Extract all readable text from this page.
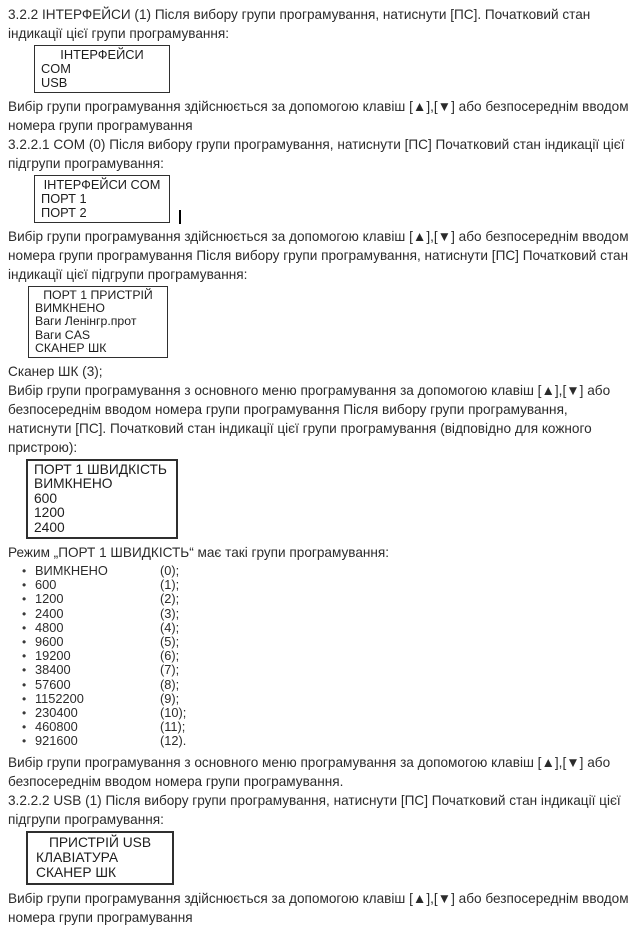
3.2.2 ІНТЕРФЕЙСИ (1) Після вибору групи програмування, натиснути [ПС]. Початковий стан індикації цієї групи програмування:

ІНТЕРФЕЙСИ
COM
USB

Вибір групи програмування здійснюється за допомогою клавіш [▲],[▼] або безпосереднім вводом номера групи програмування

3.2.2.1 COM (0) Після вибору групи програмування, натиснути [ПС] Початковий стан індикації цієї підгрупи програмування:

ІНТЕРФЕЙСИ COM
ПОРТ 1
ПОРТ 2

Вибір групи програмування здійснюється за допомогою клавіш [▲],[▼] або безпосереднім вводом номера групи програмування Після вибору групи програмування, натиснути [ПС] Початковий стан індикації цієї підгрупи програмування:

ПОРТ 1 ПРИСТРІЙ
ВИМКНЕНО
Ваги Ленінгр.прот
Ваги CAS
СКАНЕР ШК

Сканер ШК (3);

Вибір групи програмування з основного меню програмування за допомогою клавіш [▲],[▼] або безпосереднім вводом номера групи програмування Після вибору групи програмування, натиснути [ПС]. Початковий стан індикації цієї групи програмування (відповідно для кожного пристрою):

ПОРТ 1 ШВИДКІСТЬ
ВИМКНЕНО
600
1200
2400

Режим „ПОРТ 1 ШВИДКІСТЬ“ має такі групи програмування:

• ВИМКНЕНО	(0);
• 600	(1);
• 1200	(2);
• 2400	(3);
• 4800	(4);
• 9600	(5);
• 19200	(6);
• 38400	(7);
• 57600	(8);
• 1152200	(9);
• 230400	(10);
• 460800	(11);
• 921600	(12).

Вибір групи програмування з основного меню програмування за допомогою клавіш [▲],[▼] або безпосереднім вводом номера групи програмування.

3.2.2.2 USB (1) Після вибору групи програмування, натиснути [ПС] Початковий стан індикації цієї підгрупи програмування:

ПРИСТРІЙ USB
КЛАВІАТУРА
СКАНЕР ШК

Вибір групи програмування здійснюється за допомогою клавіш [▲],[▼] або безпосереднім вводом номера групи програмування
